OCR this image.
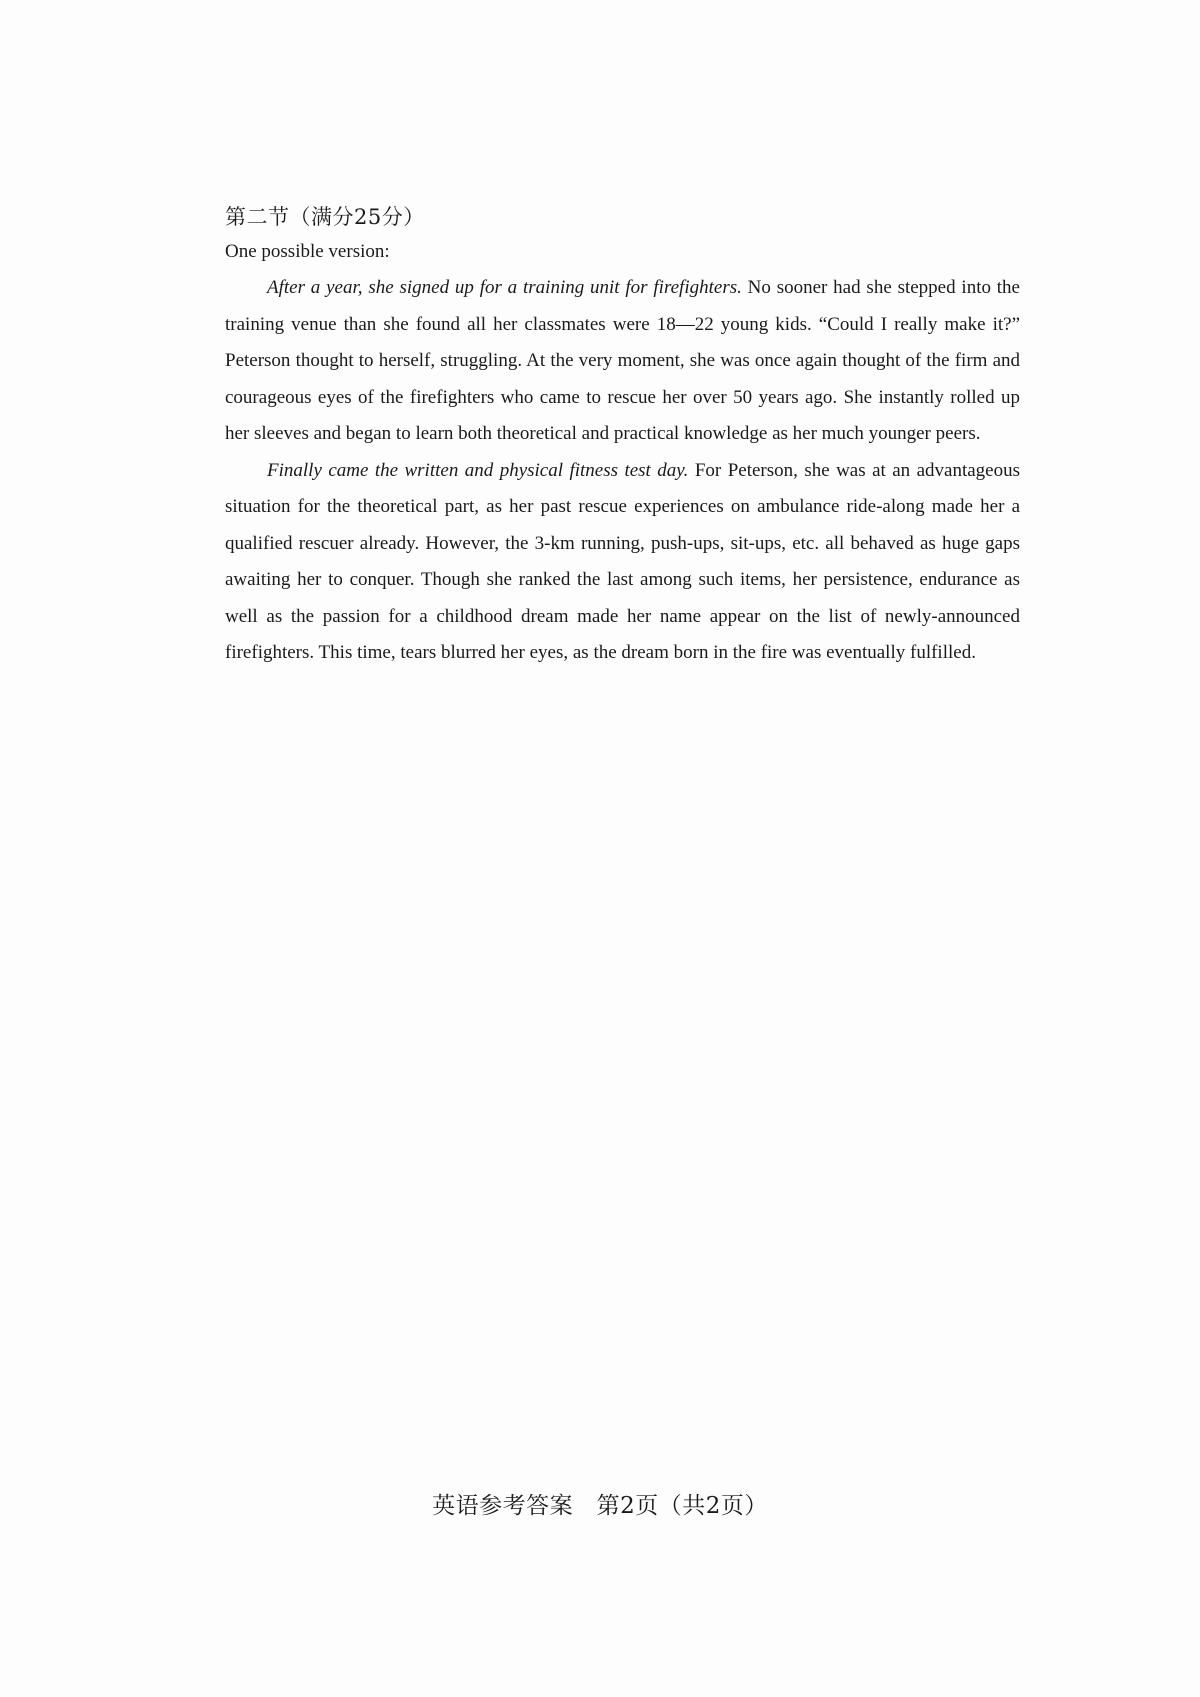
第二节（满分25分）

One possible version:

After a year, she signed up for a training unit for firefighters. No sooner had she stepped into the training venue than she found all her classmates were 18—22 young kids. “Could I really make it?” Peterson thought to herself, struggling. At the very moment, she was once again thought of the firm and courageous eyes of the firefighters who came to rescue her over 50 years ago. She instantly rolled up her sleeves and began to learn both theoretical and practical knowledge as her much younger peers.

Finally came the written and physical fitness test day. For Peterson, she was at an advantageous situation for the theoretical part, as her past rescue experiences on ambulance ride-along made her a qualified rescuer already. However, the 3-km running, push-ups, sit-ups, etc. all behaved as huge gaps awaiting her to conquer. Though she ranked the last among such items, her persistence, endurance as well as the passion for a childhood dream made her name appear on the list of newly-announced firefighters. This time, tears blurred her eyes, as the dream born in the fire was eventually fulfilled.

英语参考答案　第2页（共2页）
